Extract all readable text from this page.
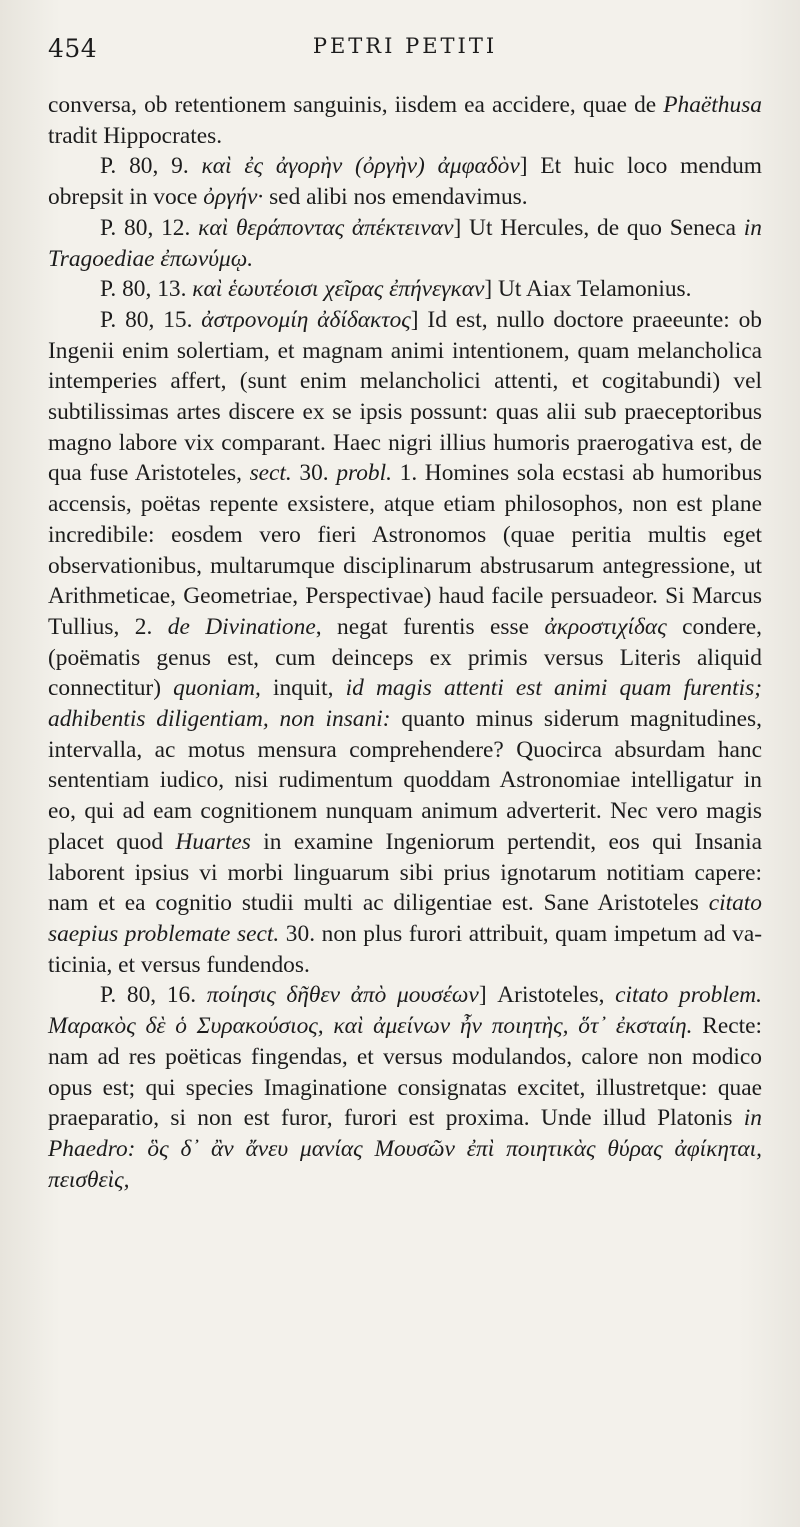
454	PETRI PETITI

conversa, ob retentionem sanguinis, iisdem ea accidere, quae de Phaëthusa tradit Hippocrates.

P. 80, 9. καὶ ἐς ἀγορὴν (ὀργὴν) ἀμφαδὸν] Et huic loco mendum obrepsit in voce ὀργήν· sed alibi nos emendavimus.

P. 80, 12. καὶ θεράποντας ἀπέκτειναν] Ut Hercules, de quo Seneca in Tragoediae ἐπωνύμῳ.

P. 80, 13. καὶ ἑωυτέοισι χεῖρας ἐπήνεγκαν] Ut Aiax Telamonius.

P. 80, 15. ἀστρονομίη ἀδίδακτος] Id est, nullo doctore praeeunte: ob Ingenii enim solertiam, et magnam animi intentionem, quam melancholica intemperies affert, (sunt enim melancholici attenti, et cogitabundi) vel subtilissimas artes discere ex se ipsis possunt: quas alii sub praeceptoribus magno labore vix comparant. Haec nigri illius humoris praerogativa est, de qua fuse Aristoteles, sect. 30. probl. 1. Homines sola ecstasi ab humoribus accensis, poëtas repente exsistere, atque etiam philosophos, non est plane incredibile: eosdem vero fieri Astronomos (quae peritia multis eget observationibus, multarumque disciplinarum abstrusarum antegressione, ut Arithmeticae, Geometriae, Perspectivae) haud facile persuadeor. Si Marcus Tullius, 2. de Divinatione, negat furentis esse ἀκροστιχίδας condere, (poëmatis genus est, cum deinceps ex primis versus Literis aliquid connectitur) quoniam, inquit, id magis attenti est animi quam furentis; adhibentis diligentiam, non insani: quanto minus siderum magnitudines, intervalla, ac motus mensura comprehendere? Quocirca absurdam hanc sententiam iudico, nisi rudimentum quoddam Astronomiae intelligatur in eo, qui ad eam cognitionem nunquam animum adverterit. Nec vero magis placet quod Huartes in examine Ingeniorum pertendit, eos qui Insania laborent ipsius vi morbi linguarum sibi prius ignotarum notitiam capere: nam et ea cognitio studii multi ac diligentiae est. Sane Aristoteles citato saepius problemate sect. 30. non plus furori attribuit, quam impetum ad vaticinia, et versus fundendos.

P. 80, 16. ποίησις δῆθεν ἀπὸ μουσέων] Aristoteles, citato problem. Μαρακὸς δὲ ὁ Συρακούσιος, καὶ ἀμείνων ἦν ποιητὴς, ὅτ᾽ ἐκσταίη. Recte: nam ad res poëticas fingendas, et versus modulandos, calore non modico opus est; qui species Imaginatione consignatas excitet, illustretque: quae praeparatio, si non est furor, furori est proxima. Unde illud Platonis in Phaedro: ὃς δ᾽ ἂν ἄνευ μανίας Μουσῶν ἐπὶ ποιητικὰς θύρας ἀφίκηται, πεισθεὶς,
